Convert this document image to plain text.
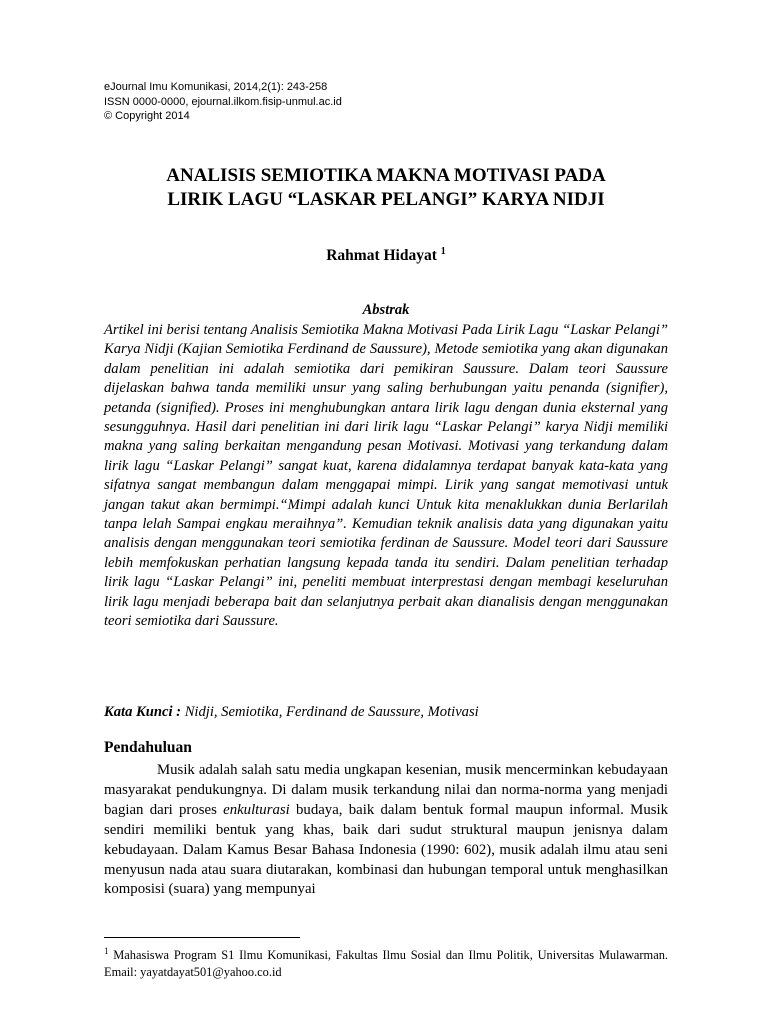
eJournal Imu Komunikasi, 2014,2(1): 243-258
ISSN 0000-0000, ejournal.ilkom.fisip-unmul.ac.id
© Copyright 2014
ANALISIS SEMIOTIKA MAKNA MOTIVASI PADA
LIRIK LAGU “LASKAR PELANGI” KARYA NIDJI
Rahmat Hidayat $^1$
Abstrak

Artikel ini berisi tentang Analisis Semiotika Makna Motivasi Pada Lirik Lagu “Laskar Pelangi” Karya Nidji (Kajian Semiotika Ferdinand de Saussure), Metode semiotika yang akan digunakan dalam penelitian ini adalah semiotika dari pemikiran Saussure. Dalam teori Saussure dijelaskan bahwa tanda memiliki unsur yang saling berhubungan yaitu penanda (signifier), petanda (signified). Proses ini menghubungkan antara lirik lagu dengan dunia eksternal yang sesungguhnya. Hasil dari penelitian ini dari lirik lagu “Laskar Pelangi” karya Nidji memiliki makna yang saling berkaitan mengandung pesan Motivasi. Motivasi yang terkandung dalam lirik lagu “Laskar Pelangi” sangat kuat, karena didalamnya terdapat banyak kata-kata yang sifatnya sangat membangun dalam menggapai mimpi. Lirik yang sangat memotivasi untuk jangan takut akan bermimpi.“Mimpi adalah kunci Untuk kita menaklukkan dunia Berlarilah tanpa lelah Sampai engkau meraihnya”. Kemudian teknik analisis data yang digunakan yaitu analisis dengan menggunakan teori semiotika ferdinan de Saussure. Model teori dari Saussure lebih memfokuskan perhatian langsung kepada tanda itu sendiri. Dalam penelitian terhadap lirik lagu “Laskar Pelangi” ini, peneliti membuat interprestasi dengan membagi keseluruhan lirik lagu menjadi beberapa bait dan selanjutnya perbait akan dianalisis dengan menggunakan teori semiotika dari Saussure.

Kata Kunci : Nidji, Semiotika, Ferdinand de Saussure, Motivasi
Pendahuluan

Musik adalah salah satu media ungkapan kesenian, musik mencerminkan kebudayaan masyarakat pendukungnya. Di dalam musik terkandung nilai dan norma-norma yang menjadi bagian dari proses enkulturasi budaya, baik dalam bentuk formal maupun informal. Musik sendiri memiliki bentuk yang khas, baik dari sudut struktural maupun jenisnya dalam kebudayaan. Dalam Kamus Besar Bahasa Indonesia (1990: 602), musik adalah ilmu atau seni menyusun nada atau suara diutarakan, kombinasi dan hubungan temporal untuk menghasilkan komposisi (suara) yang mempunyai

$^1$ Mahasiswa Program S1 Ilmu Komunikasi, Fakultas Ilmu Sosial dan Ilmu Politik, Universitas Mulawarman. Email: yayatdayat501@yahoo.co.id
